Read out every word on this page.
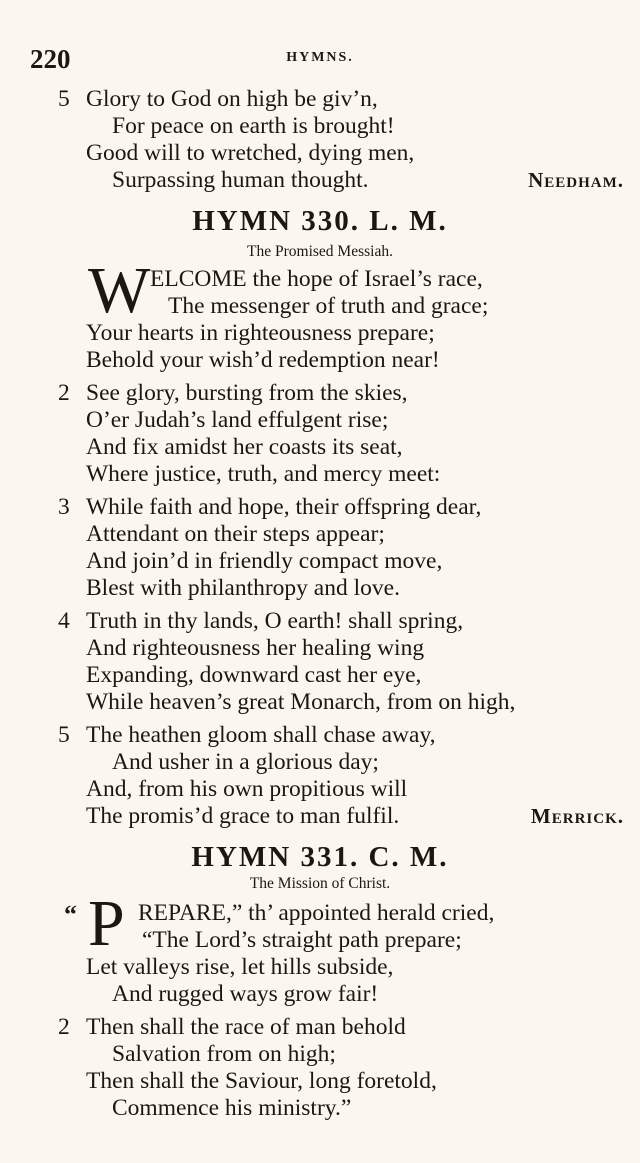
220	HYMNS.
5 Glory to God on high be giv’n,
For peace on earth is brought!
Good will to wretched, dying men,
Surpassing human thought.	Needham.
HYMN 330. L. M.
The Promised Messiah.
W ELCOME the hope of Israel’s race,
The messenger of truth and grace;
Your hearts in righteousness prepare;
Behold your wish’d redemption near!
2 See glory, bursting from the skies,
O’er Judah’s land effulgent rise;
And fix amidst her coasts its seat,
Where justice, truth, and mercy meet:
3 While faith and hope, their offspring dear,
Attendant on their steps appear;
And join’d in friendly compact move,
Blest with philanthropy and love.
4 Truth in thy lands, O earth! shall spring,
And righteousness her healing wing
Expanding, downward cast her eye,
While heaven’s great Monarch, from on high,
5 The heathen gloom shall chase away,
And usher in a glorious day;
And, from his own propitious will
The promis’d grace to man fulfil.	Merrick.
HYMN 331. C. M.
The Mission of Christ.
“ P REPARE,” th’ appointed herald cried,
“The Lord’s straight path prepare;
Let valleys rise, let hills subside,
And rugged ways grow fair!
2 Then shall the race of man behold
Salvation from on high;
Then shall the Saviour, long foretold,
Commence his ministry.”
